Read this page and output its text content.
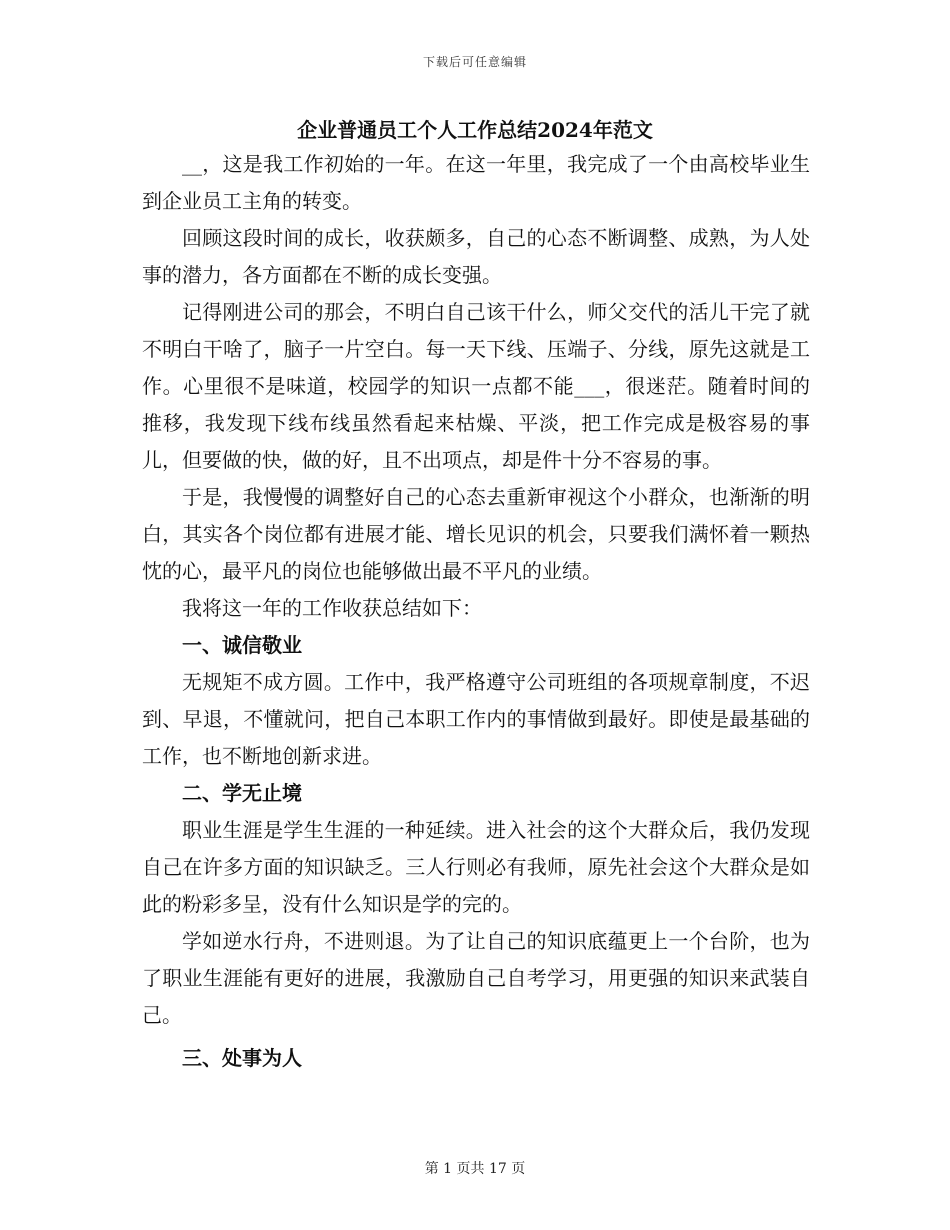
下载后可任意编辑
企业普通员工个人工作总结2024年范文

__，这是我工作初始的一年。在这一年里，我完成了一个由高校毕业生到企业员工主角的转变。

回顾这段时间的成长，收获颇多，自己的心态不断调整、成熟，为人处事的潜力，各方面都在不断的成长变强。

记得刚进公司的那会，不明白自己该干什么，师父交代的活儿干完了就不明白干啥了，脑子一片空白。每一天下线、压端子、分线，原先这就是工作。心里很不是味道，校园学的知识一点都不能___，很迷茫。随着时间的推移，我发现下线布线虽然看起来枯燥、平淡，把工作完成是极容易的事儿，但要做的快，做的好，且不出项点，却是件十分不容易的事。

于是，我慢慢的调整好自己的心态去重新审视这个小群众，也渐渐的明白，其实各个岗位都有进展才能、增长见识的机会，只要我们满怀着一颗热忱的心，最平凡的岗位也能够做出最不平凡的业绩。

我将这一年的工作收获总结如下：

一、诚信敬业

无规矩不成方圆。工作中，我严格遵守公司班组的各项规章制度，不迟到、早退，不懂就问，把自己本职工作内的事情做到最好。即使是最基础的工作，也不断地创新求进。

二、学无止境

职业生涯是学生生涯的一种延续。进入社会的这个大群众后，我仍发现自己在许多方面的知识缺乏。三人行则必有我师，原先社会这个大群众是如此的粉彩多呈，没有什么知识是学的完的。

学如逆水行舟，不进则退。为了让自己的知识底蕴更上一个台阶，也为了职业生涯能有更好的进展，我激励自己自考学习，用更强的知识来武装自己。

三、处事为人

第 1 页共 17 页
